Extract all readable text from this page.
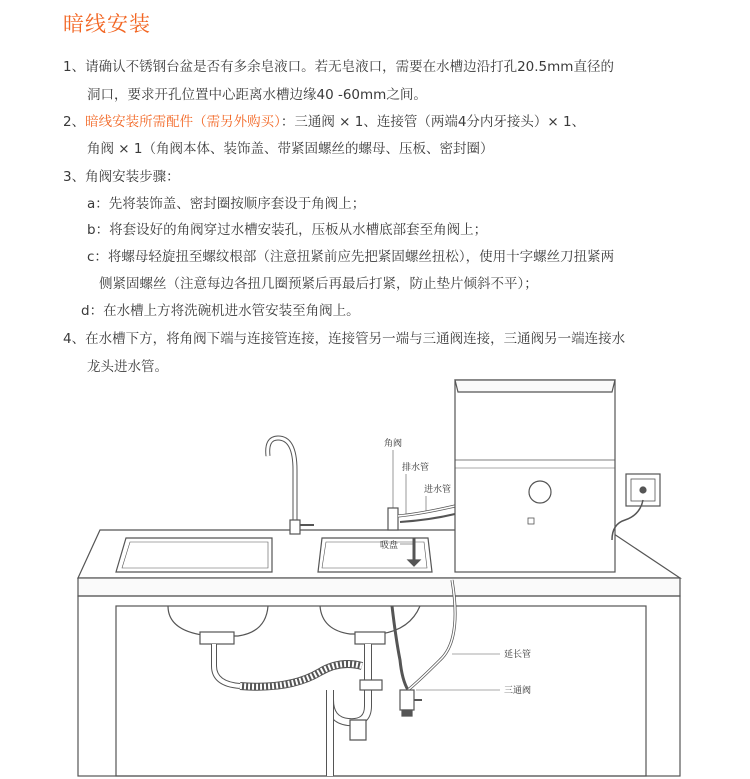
暗线安装
1、请确认不锈钢台盆是否有多余皂液口。若无皂液口，需要在水槽边沿打孔20.5mm直径的
洞口，要求开孔位置中心距离水槽边缘40 -60mm之间。
2、暗线安装所需配件（需另外购买）：三通阀 × 1、连接管（两端4分内牙接头）× 1、
角阀 × 1（角阀本体、装饰盖、带紧固螺丝的螺母、压板、密封圈）
3、角阀安装步骤：
a：先将装饰盖、密封圈按顺序套设于角阀上；
b：将套设好的角阀穿过水槽安装孔，压板从水槽底部套至角阀上；
c：将螺母轻旋扭至螺纹根部（注意扭紧前应先把紧固螺丝扭松），使用十字螺丝刀扭紧两
侧紧固螺丝（注意每边各扭几圈预紧后再最后打紧，防止垫片倾斜不平）；
d：在水槽上方将洗碗机进水管安装至角阀上。
4、在水槽下方，将角阀下端与连接管连接，连接管另一端与三通阀连接，三通阀另一端连接水
龙头进水管。
角阀
排水管
进水管
吸盘
延长管
三通阀
